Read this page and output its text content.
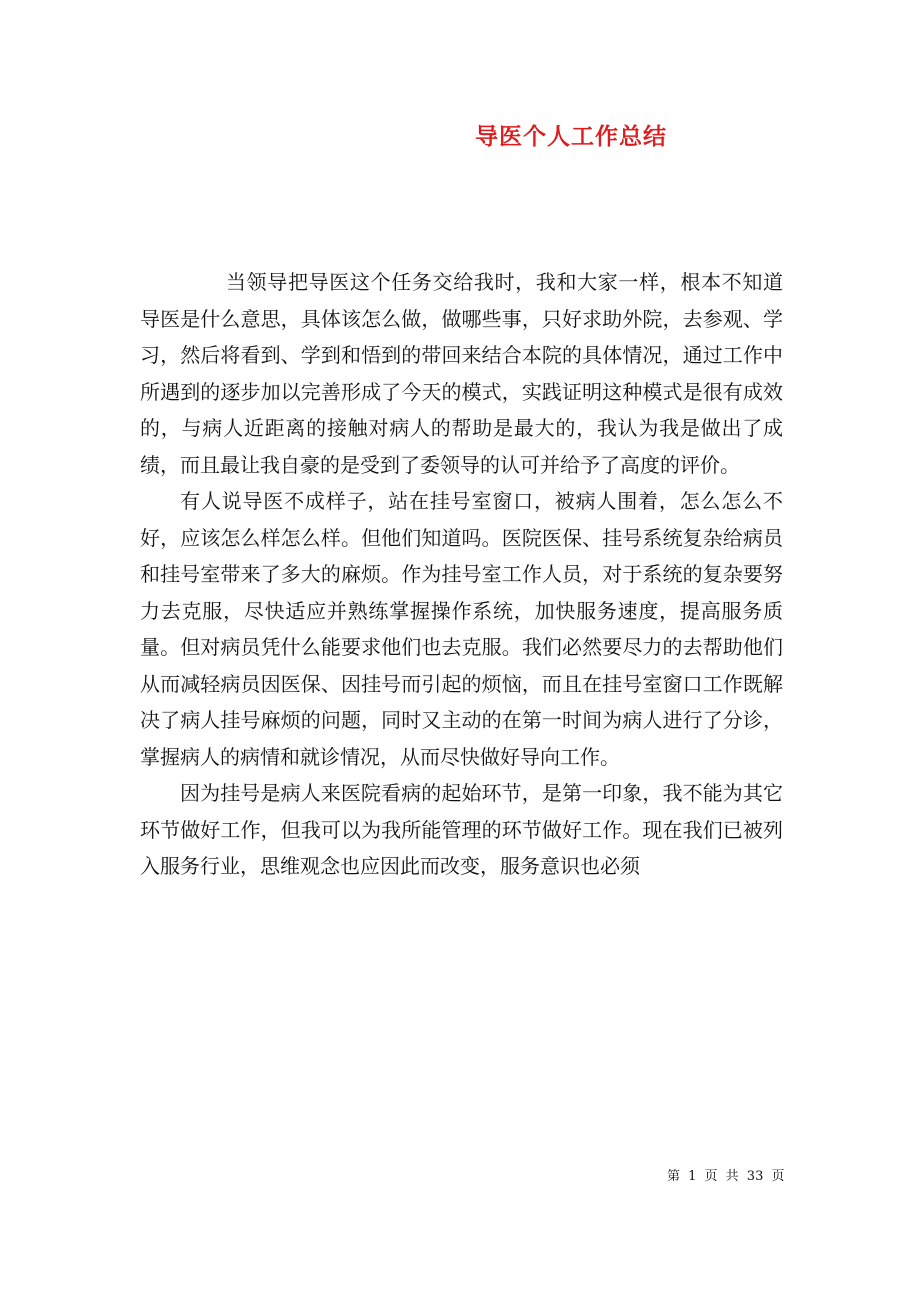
导医个人工作总结

当领导把导医这个任务交给我时，我和大家一样，根本不知道导医是什么意思，具体该怎么做，做哪些事，只好求助外院，去参观、学习，然后将看到、学到和悟到的带回来结合本院的具体情况，通过工作中所遇到的逐步加以完善形成了今天的模式，实践证明这种模式是很有成效的，与病人近距离的接触对病人的帮助是最大的，我认为我是做出了成绩，而且最让我自豪的是受到了委领导的认可并给予了高度的评价。

有人说导医不成样子，站在挂号室窗口，被病人围着，怎么怎么不好，应该怎么样怎么样。但他们知道吗。医院医保、挂号系统复杂给病员和挂号室带来了多大的麻烦。作为挂号室工作人员，对于系统的复杂要努力去克服，尽快适应并熟练掌握操作系统，加快服务速度，提高服务质量。但对病员凭什么能要求他们也去克服。我们必然要尽力的去帮助他们从而减轻病员因医保、因挂号而引起的烦恼，而且在挂号室窗口工作既解决了病人挂号麻烦的问题，同时又主动的在第一时间为病人进行了分诊，掌握病人的病情和就诊情况，从而尽快做好导向工作。

因为挂号是病人来医院看病的起始环节，是第一印象，我不能为其它环节做好工作，但我可以为我所能管理的环节做好工作。现在我们已被列入服务行业，思维观念也应因此而改变，服务意识也必须

第 1 页 共 33 页
